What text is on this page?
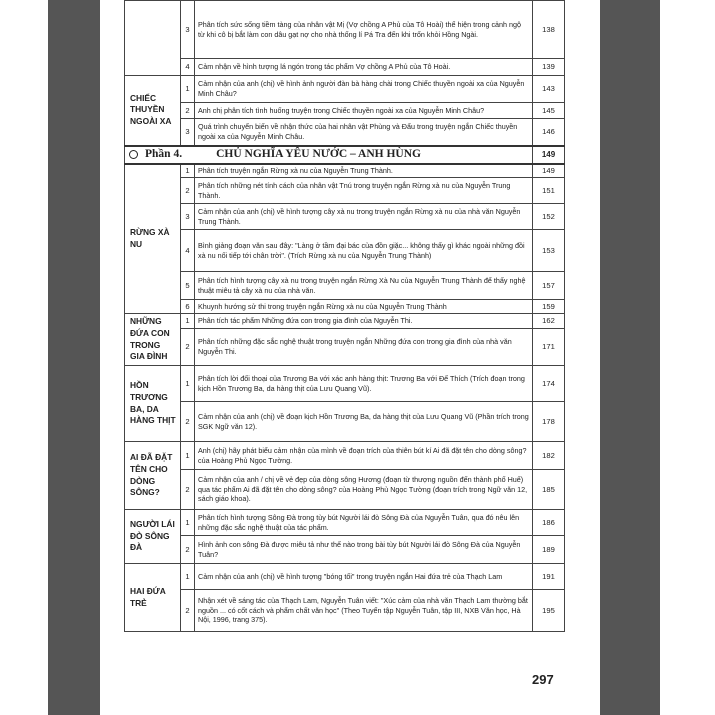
	3	Phân tích sức sống tiềm tàng của nhân vật Mị (Vợ chồng A Phủ của Tô Hoài) thể hiện trong cảnh ngộ từ khi cô bị bắt làm con dâu gạt nợ cho nhà thống lí Pá Tra đến khi trốn khỏi Hồng Ngài.	138
	4	Cảm nhận về hình tượng lá ngón trong tác phẩm Vợ chồng A Phủ của Tô Hoài.	139
CHIẾC THUYỀN NGOÀI XA	1	Cảm nhận của anh (chị) về hình ảnh người đàn bà hàng chài trong Chiếc thuyền ngoài xa của Nguyễn Minh Châu?	143
	2	Anh chị phân tích tình huống truyện trong Chiếc thuyền ngoài xa của Nguyễn Minh Châu?	145
	3	Quá trình chuyển biến về nhận thức của hai nhân vật Phùng và Đẩu trong truyện ngắn Chiếc thuyền ngoài xa của Nguyễn Minh Châu.	146

Phần 4. CHỦ NGHĨA YÊU NƯỚC – ANH HÙNG			149
RỪNG XÀ NU	1	Phân tích truyện ngắn Rừng xà nu của Nguyễn Trung Thành.	149
	2	Phân tích những nét tính cách của nhân vật Tnú trong truyện ngắn Rừng xà nu của Nguyễn Trung Thành.	151
	3	Cảm nhận của anh (chị) về hình tượng cây xà nu trong truyện ngắn Rừng xà nu của nhà văn Nguyễn Trung Thành.	152
	4	Bình giảng đoạn văn sau đây: "Làng ở tầm đại bác của đồn giặc... không thấy gì khác ngoài những đồi xà nu nối tiếp tới chân trời". (Trích Rừng xà nu của Nguyễn Trung Thành)	153
	5	Phân tích hình tượng cây xà nu trong truyện ngắn Rừng Xà Nu của Nguyễn Trung Thành để thấy nghệ thuật miêu tả cây xà nu của nhà văn.	157
	6	Khuynh hướng sử thi trong truyện ngắn Rừng xà nu của Nguyễn Trung Thành	159
NHỮNG ĐỨA CON TRONG GIA ĐÌNH	1	Phân tích tác phẩm Những đứa con trong gia đình của Nguyễn Thi.	162
	2	Phân tích những đặc sắc nghệ thuật trong truyện ngắn Những đứa con trong gia đình của nhà văn Nguyễn Thi.	171
HỒN TRƯƠNG BA, DA HÀNG THỊT	1	Phân tích lời đối thoại của Trương Ba với xác anh hàng thịt: Trương Ba với Đế Thích (Trích đoạn trong kịch Hồn Trương Ba, da hàng thịt của Lưu Quang Vũ).	174
	2	Cảm nhận của anh (chị) về đoạn kịch Hồn Trương Ba, da hàng thịt của Lưu Quang Vũ (Phần trích trong SGK Ngữ văn 12).	178
AI ĐÃ ĐẶT TÊN CHO DÒNG SÔNG?	1	Anh (chị) hãy phát biểu cảm nhận của mình về đoạn trích của thiên bút kí Ai đã đặt tên cho dòng sông? của Hoàng Phủ Ngọc Tường.	182
	2	Cảm nhận của anh / chị về vẻ đẹp của dòng sông Hương (đoạn từ thượng nguồn đến thành phố Huế) qua tác phẩm Ai đã đặt tên cho dòng sông? của Hoàng Phủ Ngọc Tường (đoạn trích trong Ngữ văn 12, sách giáo khoa).	185
NGƯỜI LÁI ĐÒ SÔNG ĐÀ	1	Phân tích hình tượng Sông Đà trong tùy bút Người lái đò Sông Đà của Nguyễn Tuân, qua đó nêu lên những đặc sắc nghệ thuật của tác phẩm.	186
	2	Hình ảnh con sông Đà được miêu tả như thế nào trong bài tùy bút Người lái đò Sông Đà của Nguyễn Tuân?	189
HAI ĐỨA TRẺ	1	Cảm nhận của anh (chị) về hình tượng "bóng tối" trong truyện ngắn Hai đứa trẻ của Thạch Lam	191
	2	Nhận xét về sáng tác của Thạch Lam, Nguyễn Tuân viết: "Xúc cảm của nhà văn Thạch Lam thường bắt nguồn ... có cốt cách và phẩm chất văn học" (Theo Tuyển tập Nguyễn Tuân, tập III, NXB Văn học, Hà Nội, 1996, trang 375).	195
297
